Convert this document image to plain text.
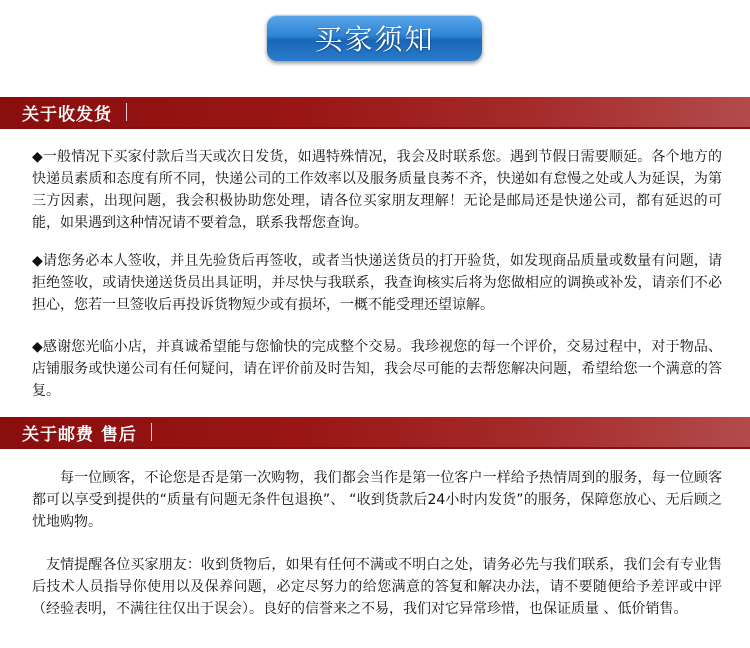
买家须知
关于收发货

◆一般情况下买家付款后当天或次日发货，如遇特殊情况，我会及时联系您。遇到节假日需要顺延。各个地方的快递员素质和态度有所不同，快递公司的工作效率以及服务质量良莠不齐，快递如有怠慢之处或人为延误，为第三方因素，出现问题，我会积极协助您处理，请各位买家朋友理解！无论是邮局还是快递公司，都有延迟的可能，如果遇到这种情况请不要着急，联系我帮您查询。

◆请您务必本人签收，并且先验货后再签收，或者当快递送货员的打开验货，如发现商品质量或数量有问题，请拒绝签收，或请快递送货员出具证明，并尽快与我联系，我查询核实后将为您做相应的调换或补发，请亲们不必担心，您若一旦签收后再投诉货物短少或有损坏，一概不能受理还望谅解。

◆感谢您光临小店，并真诚希望能与您愉快的完成整个交易。我珍视您的每一个评价，交易过程中，对于物品、店铺服务或快递公司有任何疑问，请在评价前及时告知，我会尽可能的去帮您解决问题，希望给您一个满意的答复。

关于邮费 售后

每一位顾客，不论您是否是第一次购物，我们都会当作是第一位客户一样给予热情周到的服务，每一位顾客都可以享受到提供的“质量有问题无条件包退换”、 “收到货款后24小时内发货”的服务，保障您放心、无后顾之忧地购物。

友情提醒各位买家朋友：收到货物后，如果有任何不满或不明白之处，请务必先与我们联系，我们会有专业售后技术人员指导你使用以及保养问题，必定尽努力的给您满意的答复和解决办法，请不要随便给予差评或中评（经验表明，不满往往仅出于误会）。良好的信誉来之不易，我们对它异常珍惜，也保证质量 、低价销售。
